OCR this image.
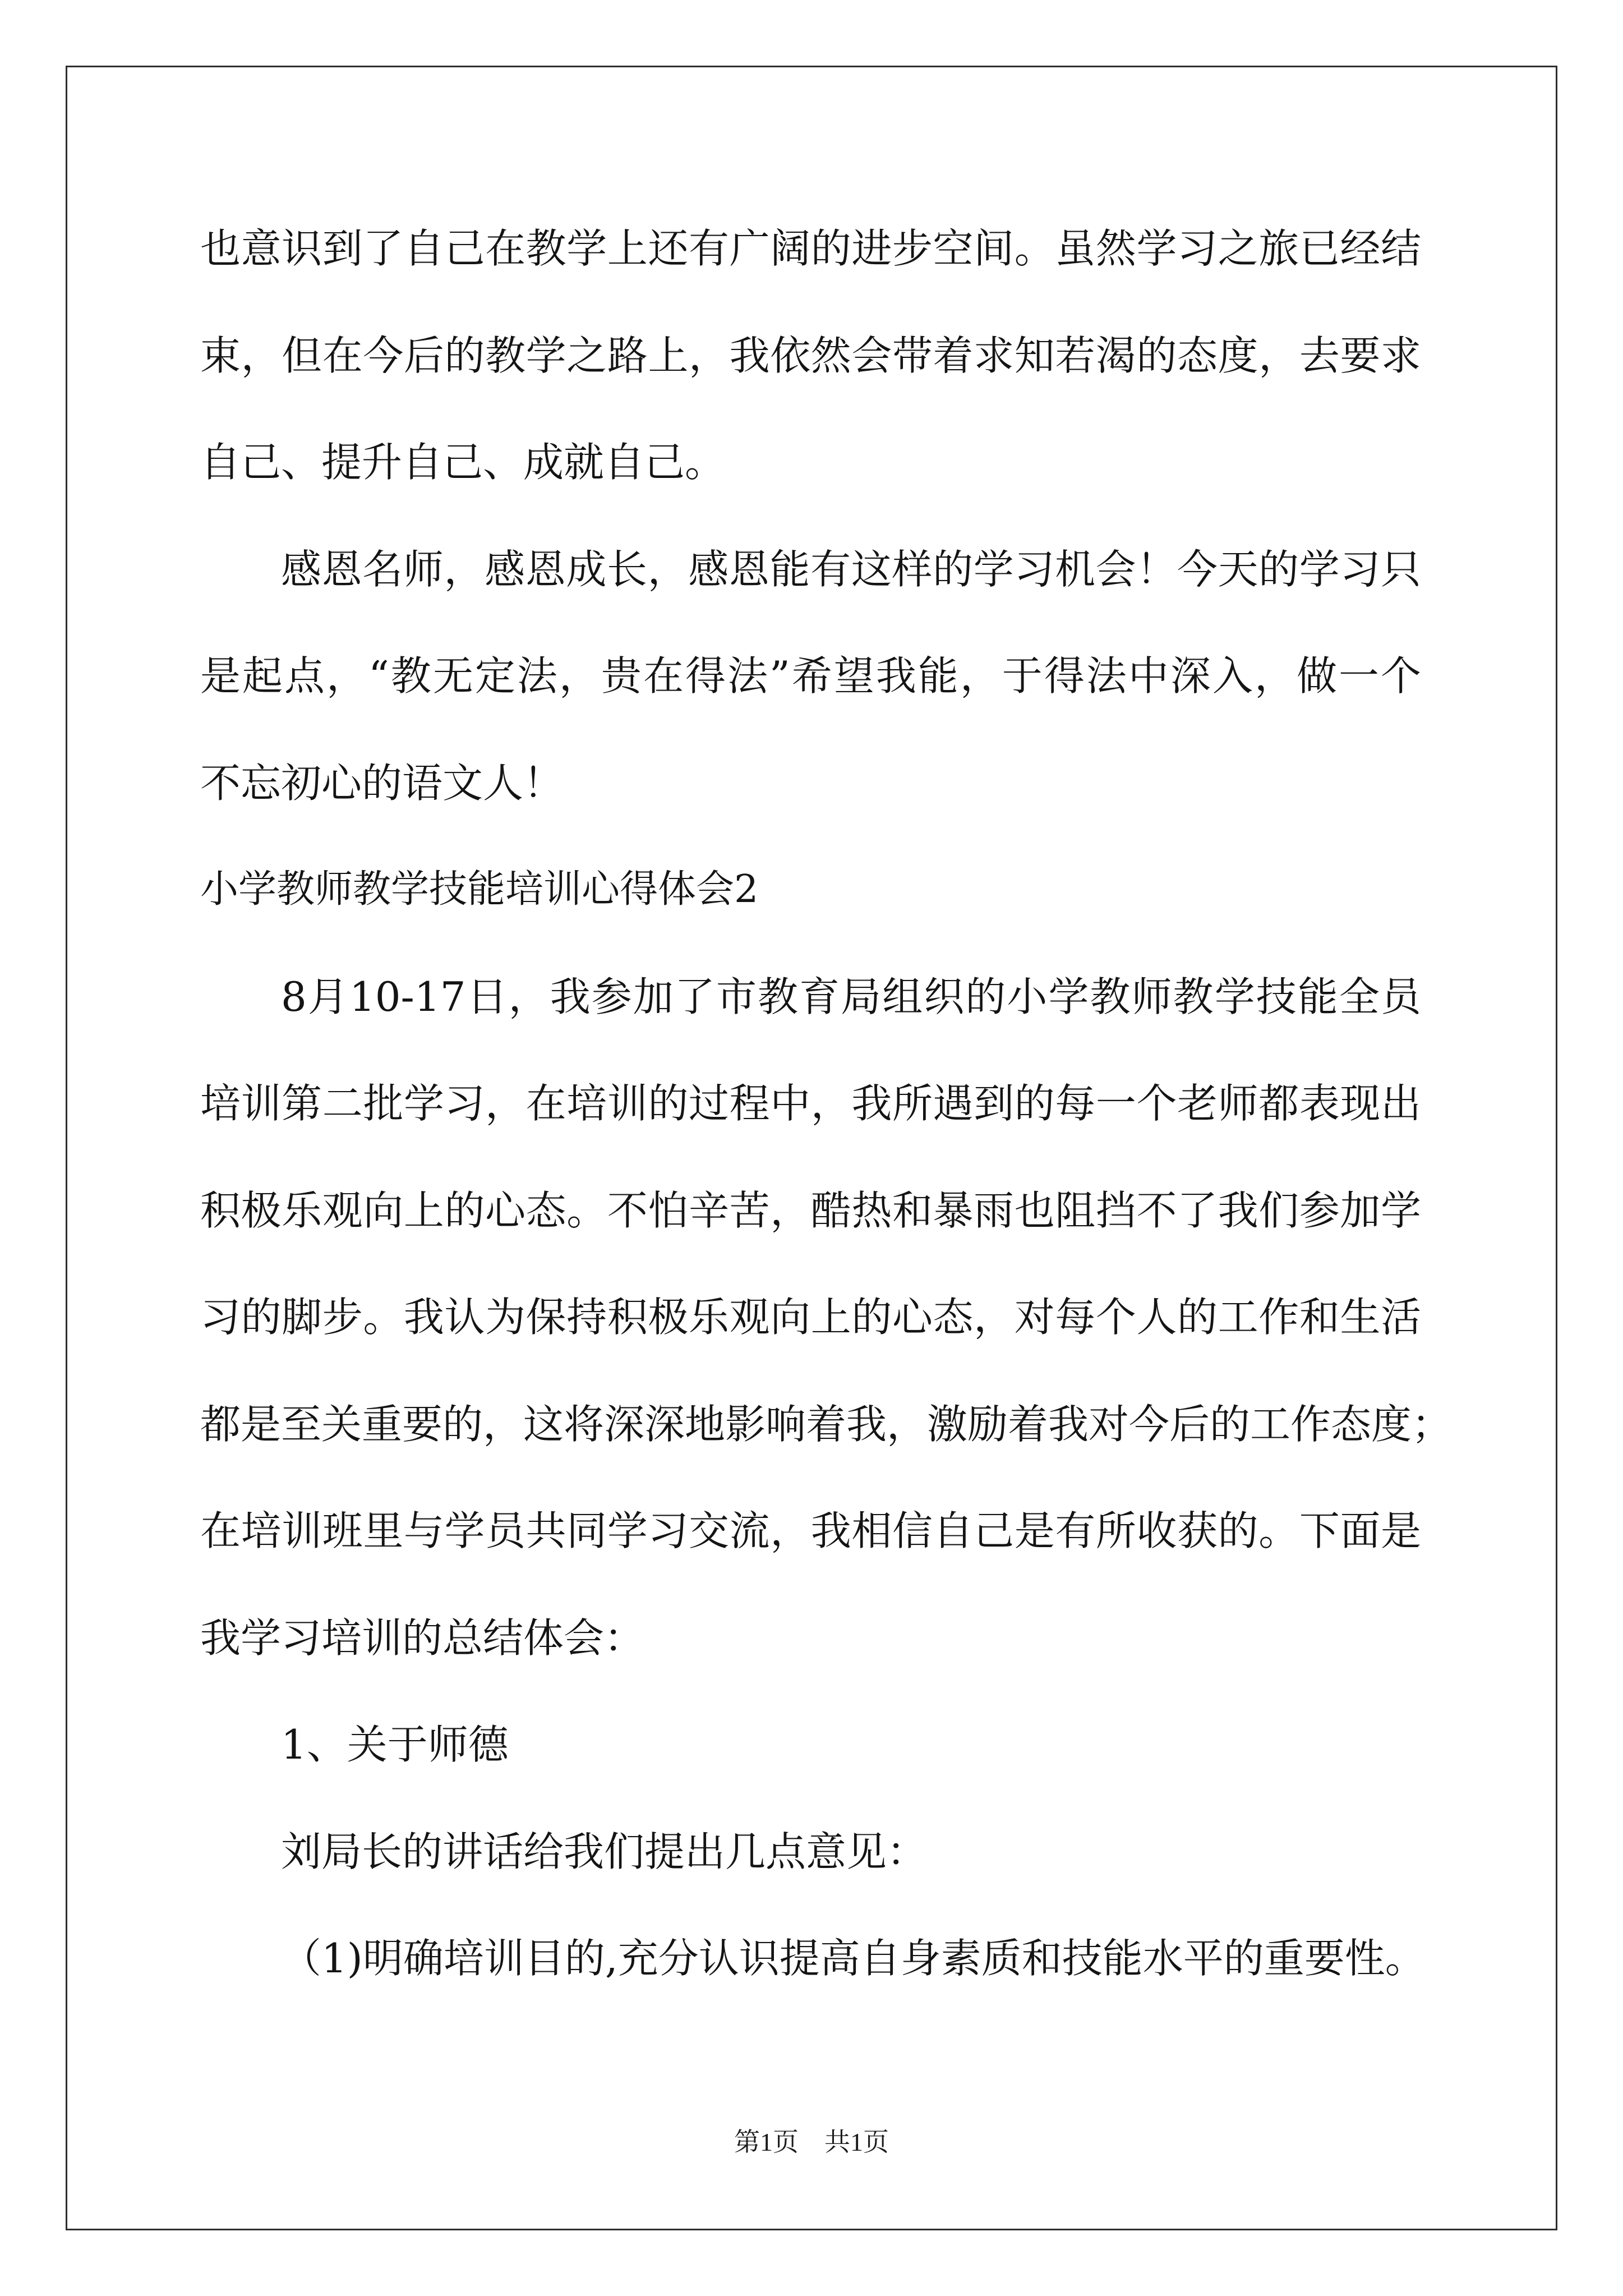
也意识到了自己在教学上还有广阔的进步空间。虽然学习之旅已经结
束，但在今后的教学之路上，我依然会带着求知若渴的态度，去要求
自己、提升自己、成就自己。
感恩名师，感恩成长，感恩能有这样的学习机会！今天的学习只
是起点，“教无定法，贵在得法”希望我能，于得法中深入，做一个
不忘初心的语文人！
小学教师教学技能培训心得体会2
8月10-17日，我参加了市教育局组织的小学教师教学技能全员
培训第二批学习，在培训的过程中，我所遇到的每一个老师都表现出
积极乐观向上的心态。不怕辛苦，酷热和暴雨也阻挡不了我们参加学
习的脚步。我认为保持积极乐观向上的心态，对每个人的工作和生活
都是至关重要的，这将深深地影响着我，激励着我对今后的工作态度；
在培训班里与学员共同学习交流，我相信自己是有所收获的。下面是
我学习培训的总结体会：
1、关于师德
刘局长的讲话给我们提出几点意见：
（1)明确培训目的,充分认识提高自身素质和技能水平的重要性。
第1页　共1页
